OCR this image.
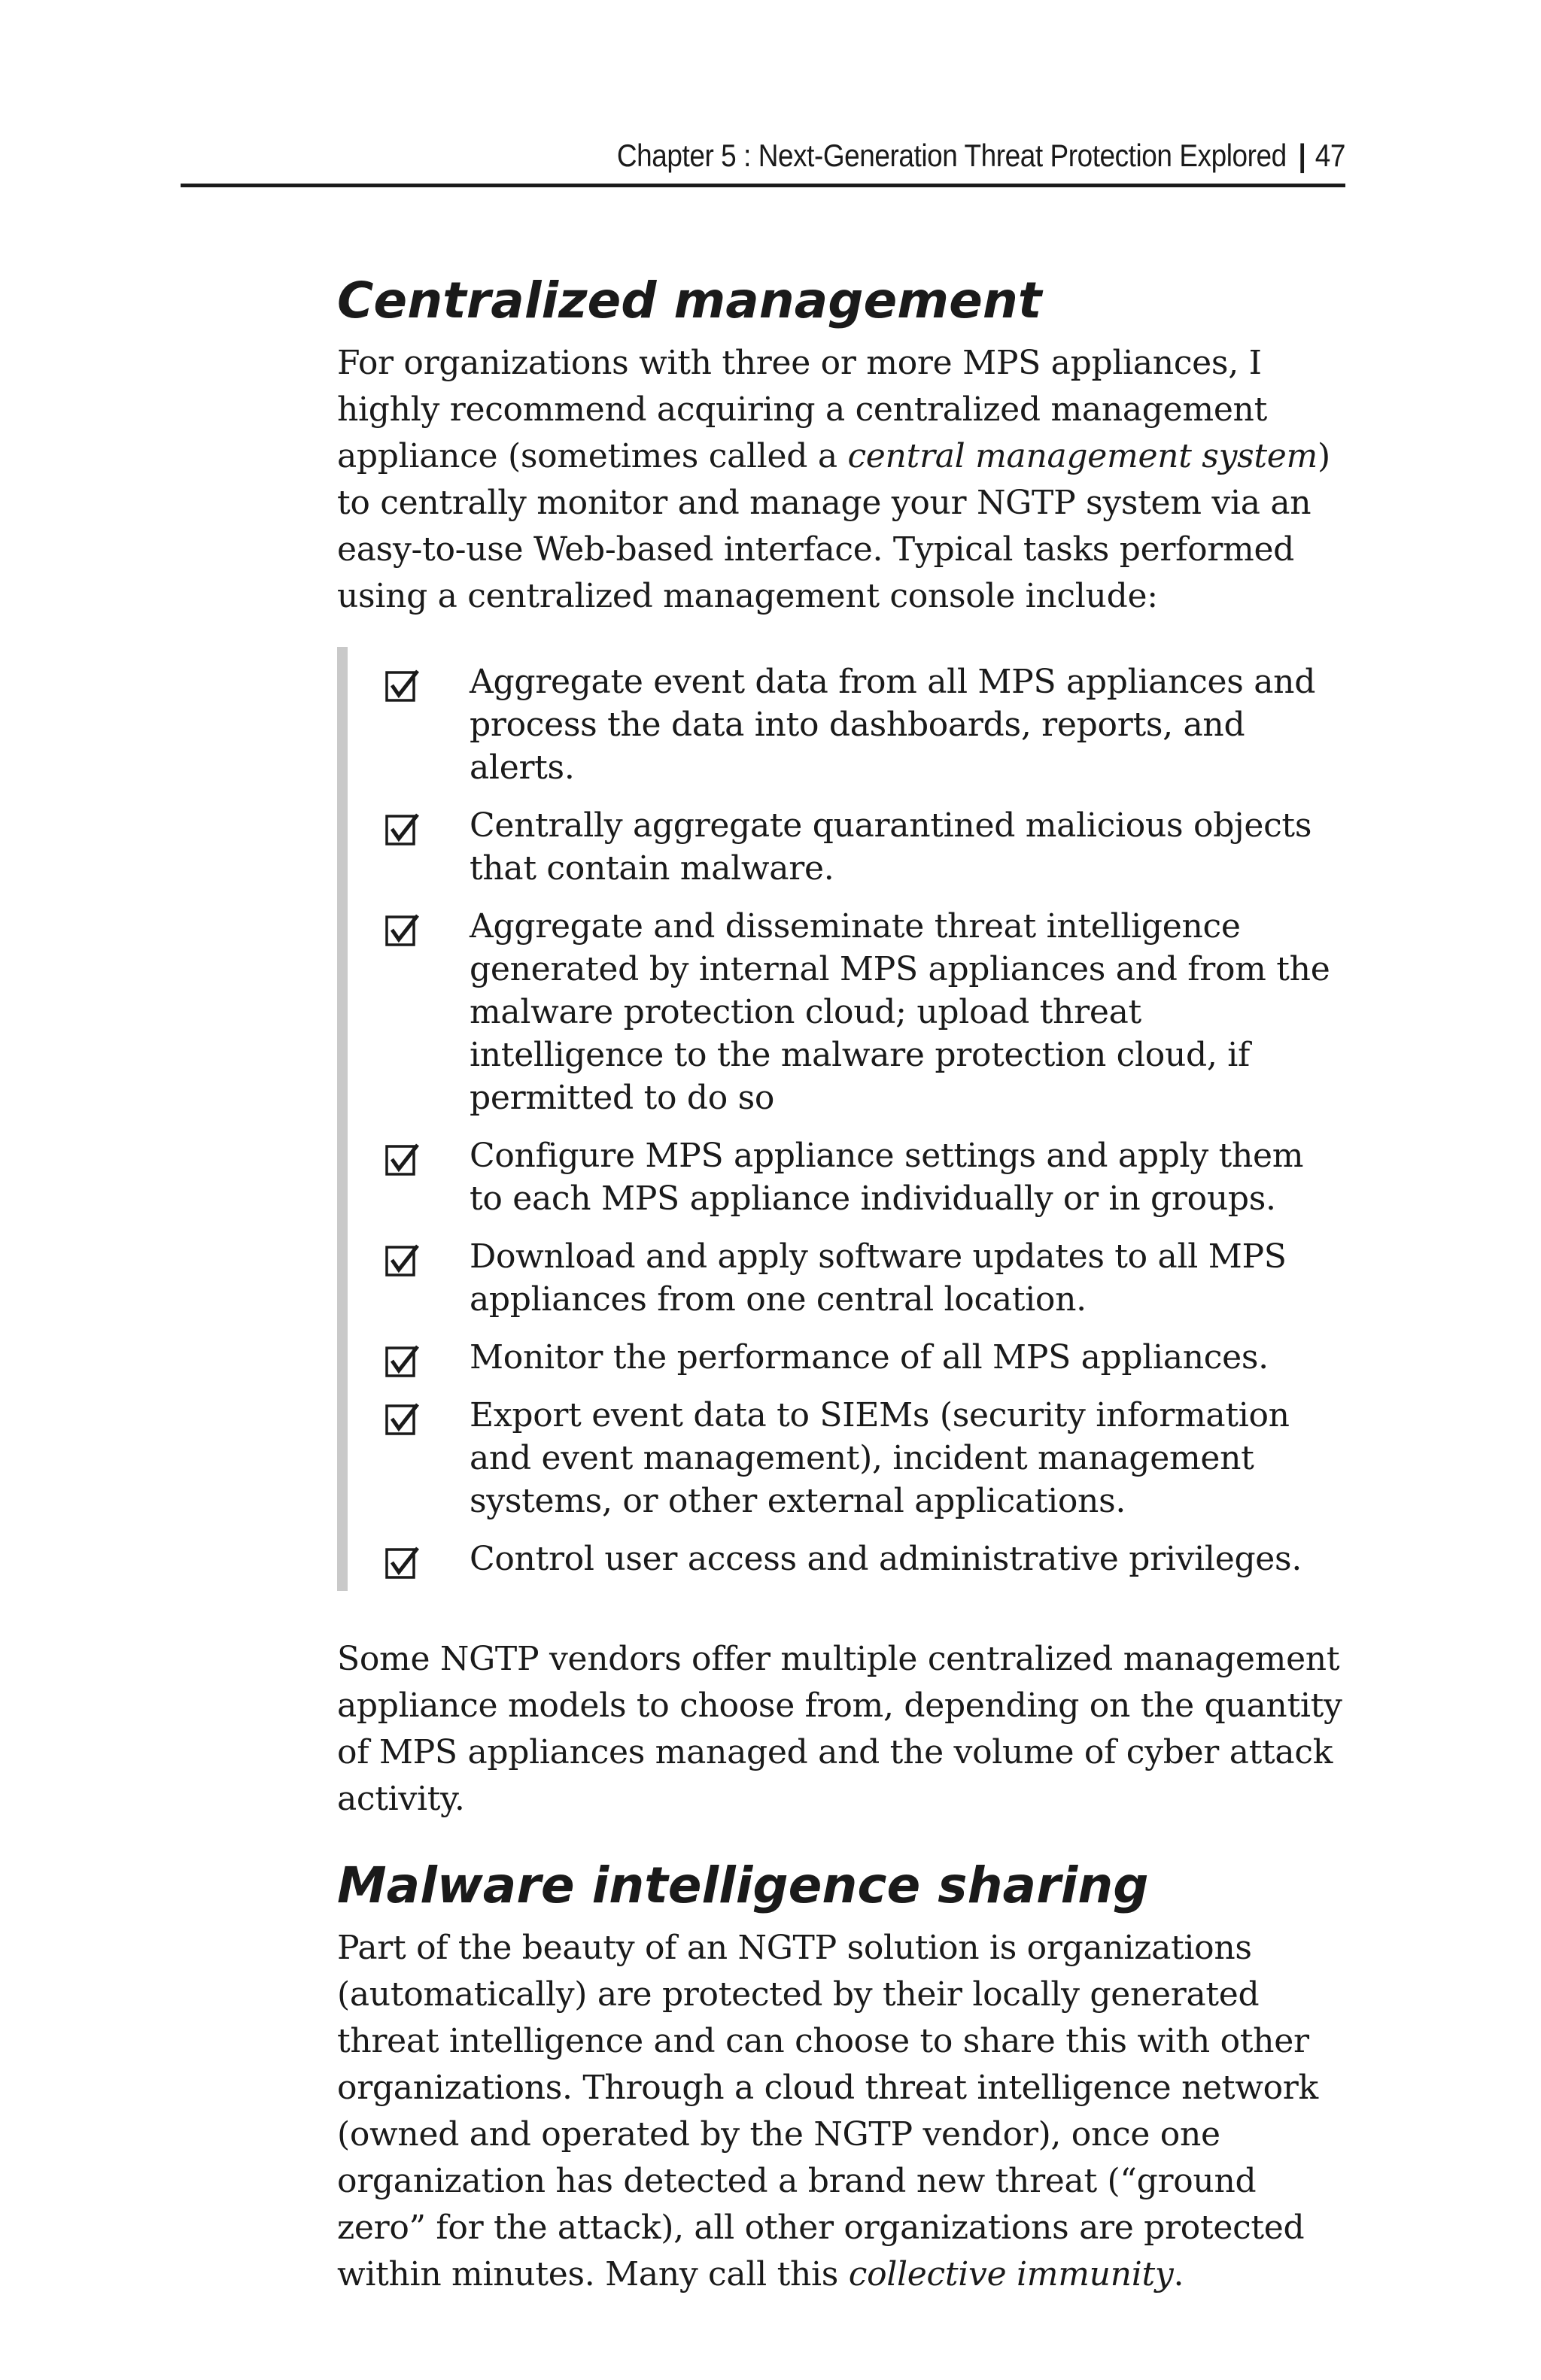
Chapter 5 : Next-Generation Threat Protection Explored | 47
Centralized management

For organizations with three or more MPS appliances, I highly recommend acquiring a centralized management appliance (sometimes called a central management system) to centrally monitor and manage your NGTP system via an easy-to-use Web-based interface. Typical tasks performed using a centralized management console include:

Aggregate event data from all MPS appliances and process the data into dashboards, reports, and alerts.
Centrally aggregate quarantined malicious objects that contain malware.
Aggregate and disseminate threat intelligence generated by internal MPS appliances and from the malware protection cloud; upload threat intelligence to the malware protection cloud, if permitted to do so
Configure MPS appliance settings and apply them to each MPS appliance individually or in groups.
Download and apply software updates to all MPS appliances from one central location.
Monitor the performance of all MPS appliances.
Export event data to SIEMs (security information and event management), incident management systems, or other external applications.
Control user access and administrative privileges.

Some NGTP vendors offer multiple centralized management appliance models to choose from, depending on the quantity of MPS appliances managed and the volume of cyber attack activity.

Malware intelligence sharing

Part of the beauty of an NGTP solution is organizations (automatically) are protected by their locally generated threat intelligence and can choose to share this with other organizations. Through a cloud threat intelligence network (owned and operated by the NGTP vendor), once one organization has detected a brand new threat (“ground zero” for the attack), all other organizations are protected within minutes. Many call this collective immunity.
